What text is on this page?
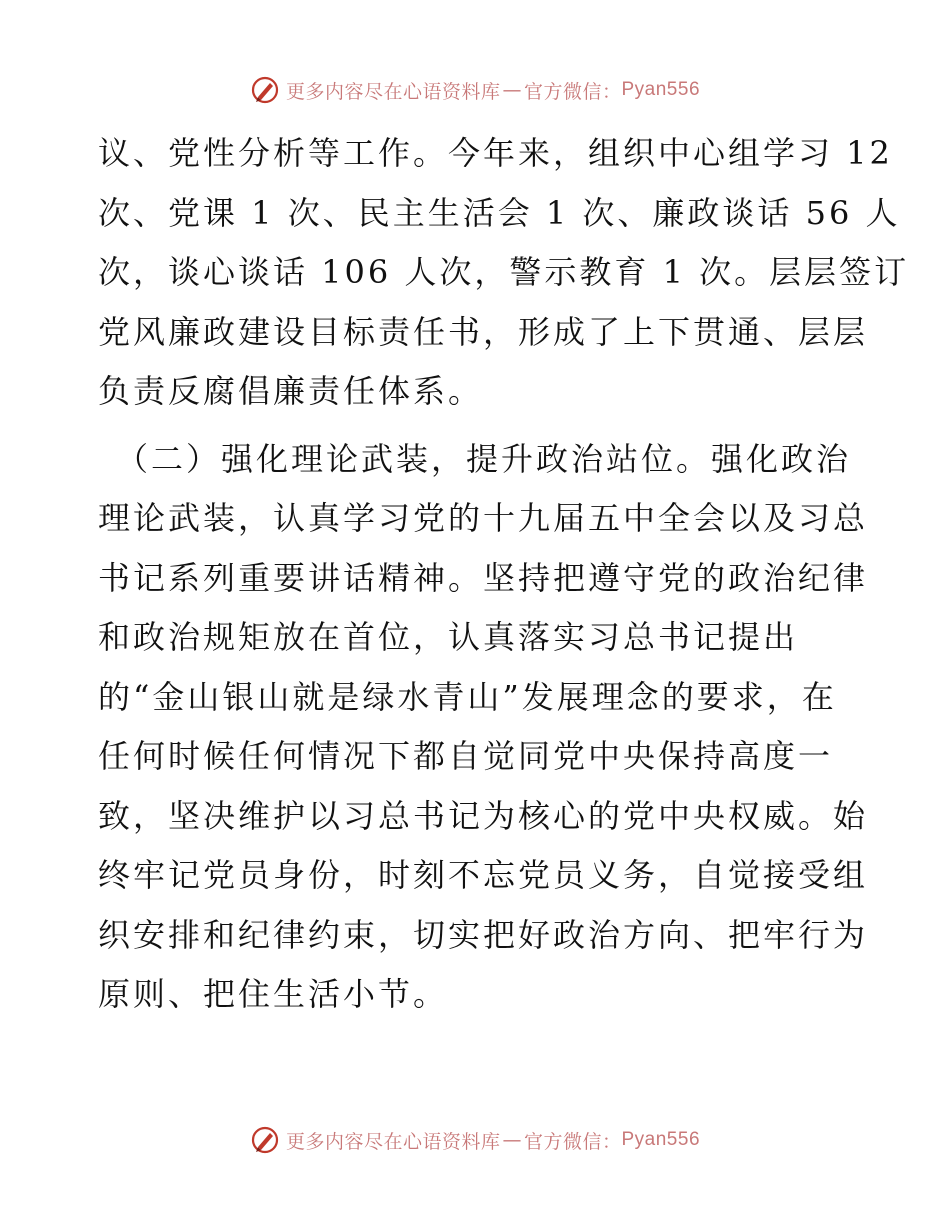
更多内容尽在心语资料库 — 官方微信： Pyan556
议、党性分析等工作。今年来，组织中心组学习 12
次、党课 1 次、民主生活会 1 次、廉政谈话 56 人
次，谈心谈话 106 人次，警示教育 1 次。层层签订
党风廉政建设目标责任书，形成了上下贯通、层层
负责反腐倡廉责任体系。
（二）强化理论武装，提升政治站位。强化政治
理论武装，认真学习党的十九届五中全会以及习总
书记系列重要讲话精神。坚持把遵守党的政治纪律
和政治规矩放在首位，认真落实习总书记提出
的“金山银山就是绿水青山”发展理念的要求，在
任何时候任何情况下都自觉同党中央保持高度一
致，坚决维护以习总书记为核心的党中央权威。始
终牢记党员身份，时刻不忘党员义务，自觉接受组
织安排和纪律约束，切实把好政治方向、把牢行为
原则、把住生活小节。
更多内容尽在心语资料库 — 官方微信： Pyan556
